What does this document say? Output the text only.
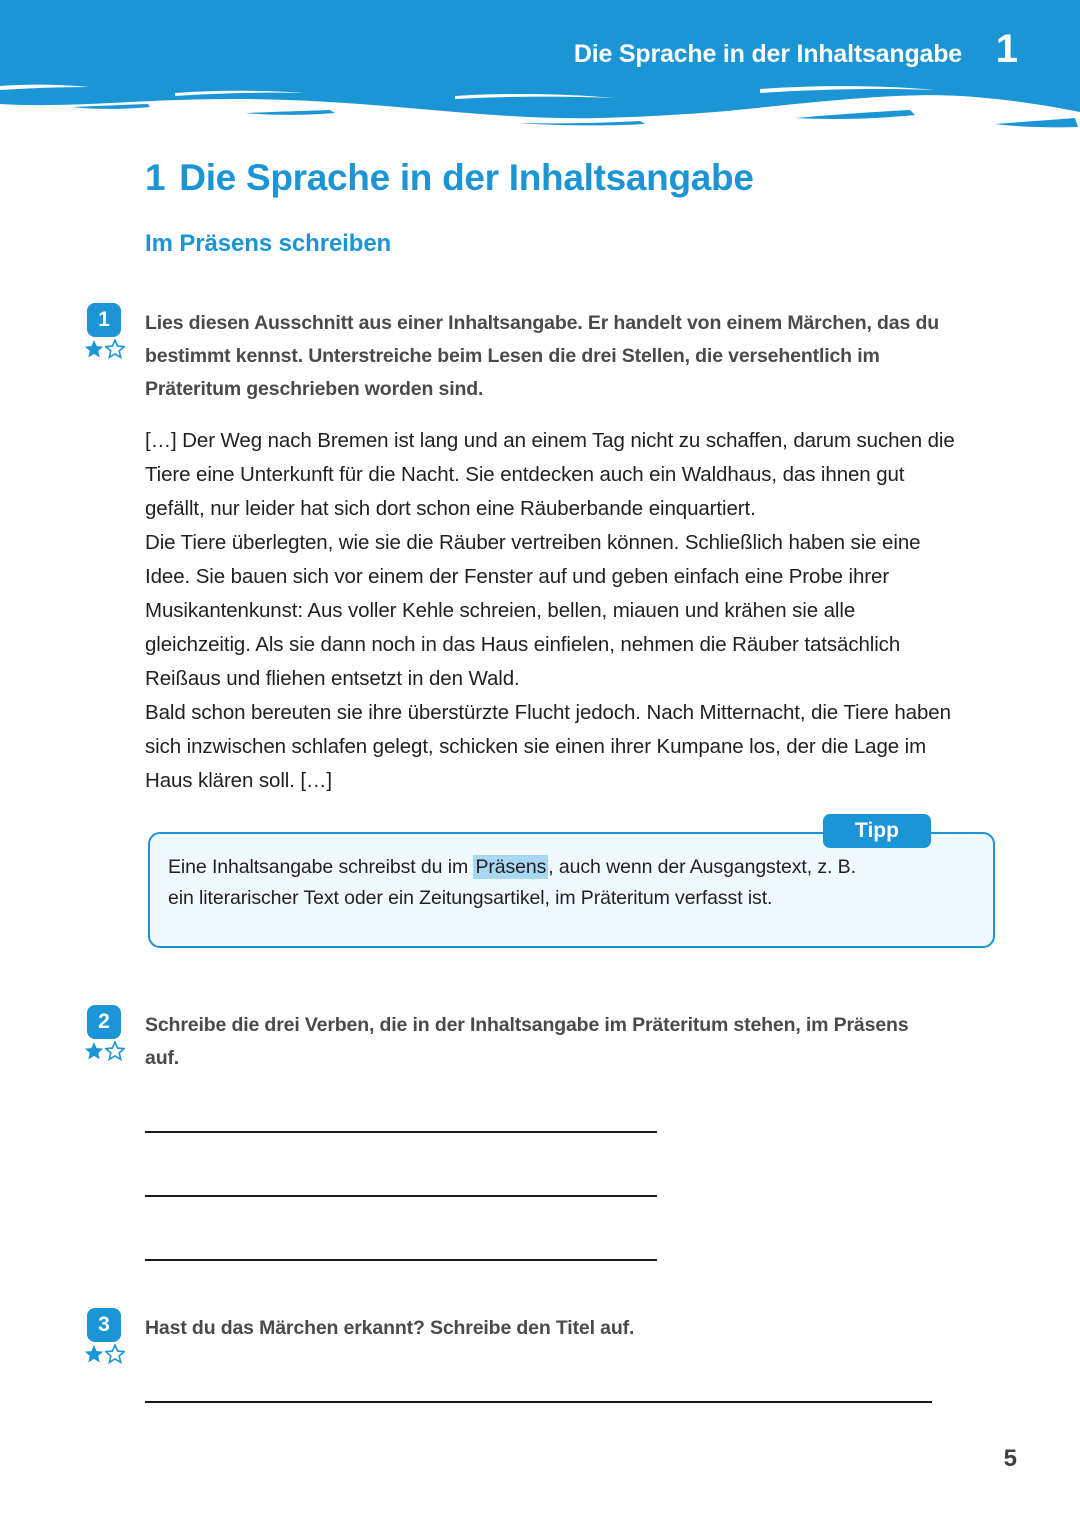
Die Sprache in der Inhaltsangabe 1
1 Die Sprache in der Inhaltsangabe
Im Präsens schreiben
1	Lies diesen Ausschnitt aus einer Inhaltsangabe. Er handelt von einem Märchen, das du bestimmt kennst. Unterstreiche beim Lesen die drei Stellen, die versehentlich im Präteritum geschrieben worden sind.

[…] Der Weg nach Bremen ist lang und an einem Tag nicht zu schaffen, darum suchen die Tiere eine Unterkunft für die Nacht. Sie entdecken auch ein Waldhaus, das ihnen gut gefällt, nur leider hat sich dort schon eine Räuberbande einquartiert.

Die Tiere überlegten, wie sie die Räuber vertreiben können. Schließlich haben sie eine Idee. Sie bauen sich vor einem der Fenster auf und geben einfach eine Probe ihrer Musikantenkunst: Aus voller Kehle schreien, bellen, miauen und krähen sie alle gleichzeitig. Als sie dann noch in das Haus einfielen, nehmen die Räuber tatsächlich Reißaus und fliehen entsetzt in den Wald.

Bald schon bereuten sie ihre überstürzte Flucht jedoch. Nach Mitternacht, die Tiere haben sich inzwischen schlafen gelegt, schicken sie einen ihrer Kumpane los, der die Lage im Haus klären soll. […]

Tipp
Eine Inhaltsangabe schreibst du im Präsens , auch wenn der Ausgangstext, z. B. ein literarischer Text oder ein Zeitungsartikel, im Präteritum verfasst ist.
2	Schreibe die drei Verben, die in der Inhaltsangabe im Präteritum stehen, im Präsens auf.
3	Hast du das Märchen erkannt? Schreibe den Titel auf.
5
